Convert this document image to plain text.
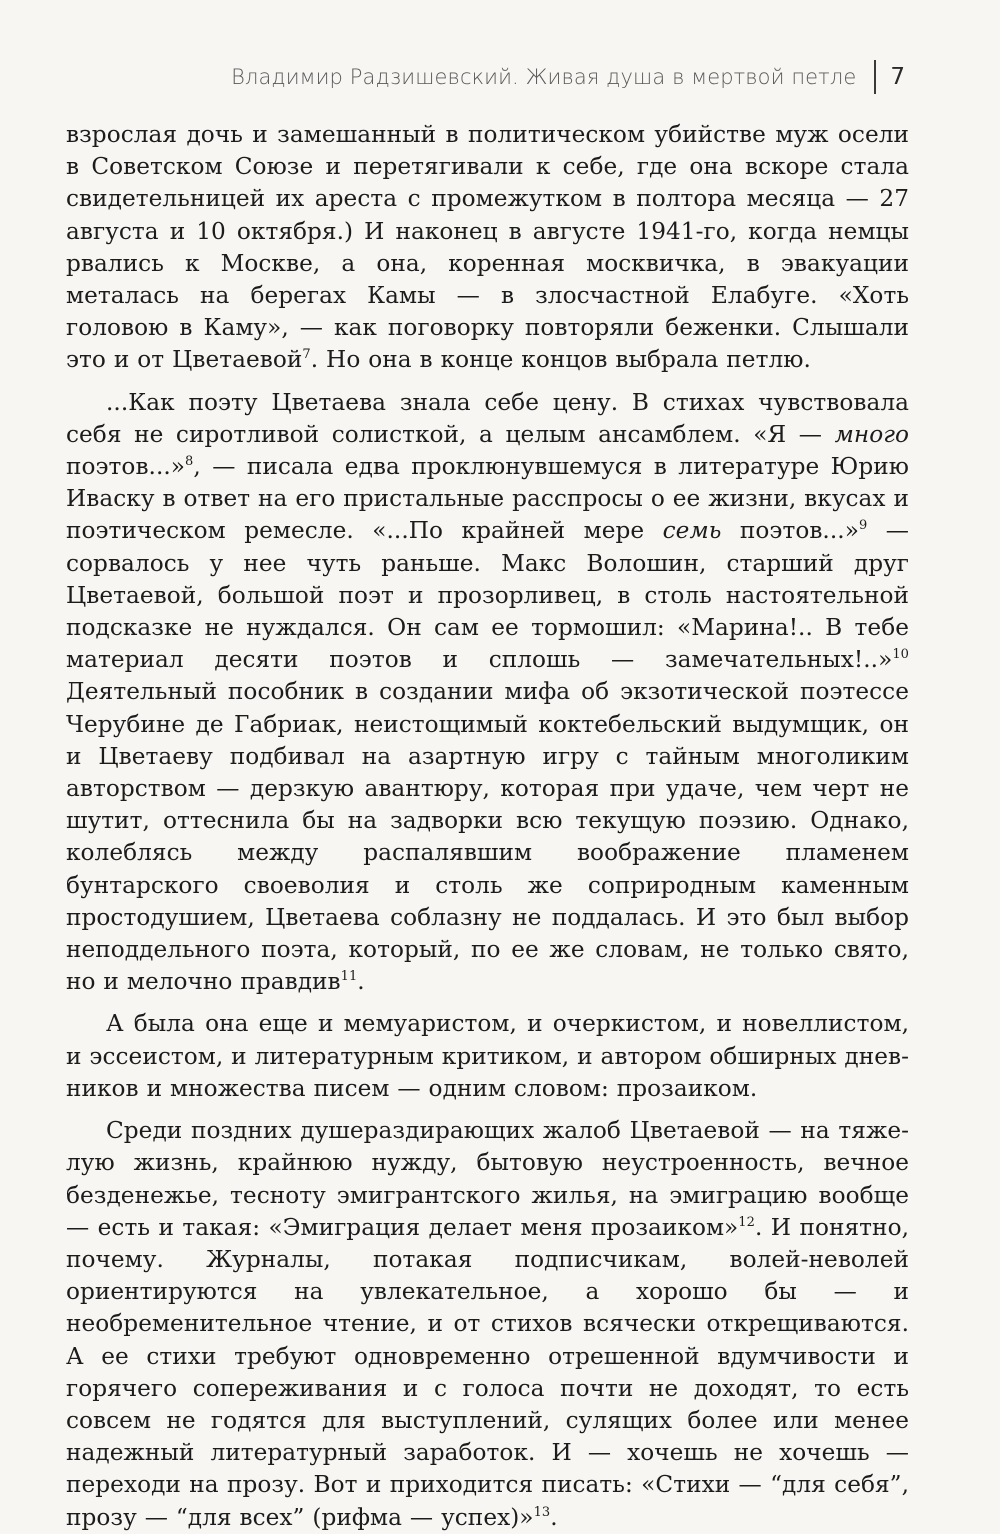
Владимир Радзишевский. Живая душа в мертвой петле 7

взрослая дочь и замешанный в политическом убийстве муж осели в Советском Союзе и перетягивали к себе, где она вскоре стала свидетельницей их ареста с промежутком в полтора месяца — 27 августа и 10 октября.) И наконец в августе 1941-го, когда немцы рвались к Москве, а она, коренная москвичка, в эвакуации металась на берегах Камы — в злосчастной Елабуге. «Хоть головою в Каму», — как поговорку повторяли беженки. Слышали это и от Цветаевой$^7$. Но она в конце концов выбрала петлю.

...Как поэту Цветаева знала себе цену. В стихах чувствовала себя не сиротливой солисткой, а целым ансамблем. «Я — много поэтов...»$^8$, — писала едва проклюнувшемуся в литературе Юрию Иваску в ответ на его пристальные расспросы о ее жизни, вкусах и поэтическом ремесле. «...По крайней мере семь поэтов...»$^9$ — сорвалось у нее чуть раньше. Макс Волошин, старший друг Цветаевой, большой поэт и прозорливец, в столь настоятельной подсказке не нуждался. Он сам ее тормошил: «Марина!.. В тебе материал десяти поэтов и сплошь — замечательных!..»$^{10}$ Деятельный пособник в создании мифа об экзотической поэтессе Черубине де Габриак, неистощимый коктебельский выдумщик, он и Цветаеву подбивал на азартную игру с тайным многоликим авторством — дерзкую авантюру, которая при удаче, чем черт не шутит, оттеснила бы на задворки всю текущую поэзию. Однако, колеблясь между распалявшим воображение пламенем бунтарского своеволия и столь же соприродным каменным простодушием, Цветаева соблазну не поддалась. И это был выбор неподдельного поэта, который, по ее же словам, не только свято, но и мелочно правдив$^{11}$.

А была она еще и мемуаристом, и очеркистом, и новеллистом, и эссеистом, и литературным критиком, и автором обширных дневников и множества писем — одним словом: прозаиком.

Среди поздних душераздирающих жалоб Цветаевой — на тяжелую жизнь, крайнюю нужду, бытовую неустроенность, вечное безденежье, тесноту эмигрантского жилья, на эмиграцию вообще — есть и такая: «Эмиграция делает меня прозаиком»$^{12}$. И понятно, почему. Журналы, потакая подписчикам, волей-неволей ориентируются на увлекательное, а хорошо бы — и необременительное чтение, и от стихов всячески открещиваются. А ее стихи требуют одновременно отрешенной вдумчивости и горячего сопереживания и с голоса почти не доходят, то есть совсем не годятся для выступлений, сулящих более или менее надежный литературный заработок. И — хочешь не хочешь — переходи на прозу. Вот и приходится писать: «Стихи — “для себя”, прозу — “для всех” (рифма — успех)»$^{13}$.
